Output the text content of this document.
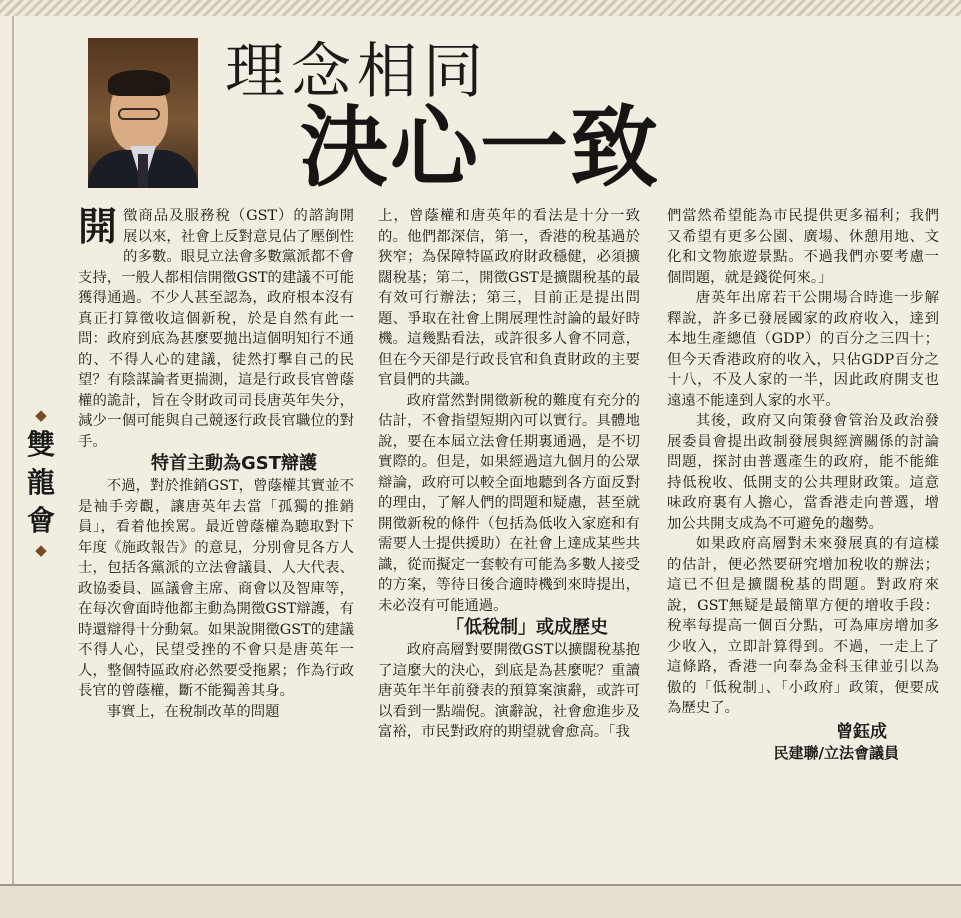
◆
雙龍會
◆
理念相同
決心一致

開徵商品及服務稅（GST）的諮詢開展以來，社會上反對意見佔了壓倒性的多數。眼見立法會多數黨派都不會支持，一般人都相信開徵GST的建議不可能獲得通過。不少人甚至認為，政府根本沒有真正打算徵收這個新稅，於是自然有此一問：政府到底為甚麼要拋出這個明知行不通的、不得人心的建議，徒然打擊自己的民望？有陰謀論者更揣測，這是行政長官曾蔭權的詭計，旨在令財政司司長唐英年失分，減少一個可能與自己競逐行政長官職位的對手。

特首主動為GST辯護

不過，對於推銷GST，曾蔭權其實並不是袖手旁觀，讓唐英年去當「孤獨的推銷員」，看着他挨罵。最近曾蔭權為聽取對下年度《施政報告》的意見，分別會見各方人士，包括各黨派的立法會議員、人大代表、政協委員、區議會主席、商會以及智庫等，在每次會面時他都主動為開徵GST辯護，有時還辯得十分動氣。如果說開徵GST的建議不得人心，民望受挫的不會只是唐英年一人，整個特區政府必然要受拖累；作為行政長官的曾蔭權，斷不能獨善其身。

事實上，在稅制改革的問題

上，曾蔭權和唐英年的看法是十分一致的。他們都深信，第一，香港的稅基過於狹窄；為保障特區政府財政穩健，必須擴闊稅基；第二，開徵GST是擴闊稅基的最有效可行辦法；第三，目前正是提出問題、爭取在社會上開展理性討論的最好時機。這幾點看法，或許很多人會不同意，但在今天卻是行政長官和負責財政的主要官員們的共識。

政府當然對開徵新稅的難度有充分的估計，不會指望短期內可以實行。具體地說，要在本屆立法會任期裏通過，是不切實際的。但是，如果經過這九個月的公眾辯論，政府可以較全面地聽到各方面反對的理由，了解人們的問題和疑慮，甚至就開徵新稅的條件（包括為低收入家庭和有需要人士提供援助）在社會上達成某些共識，從而擬定一套較有可能為多數人接受的方案，等待日後合適時機到來時提出，未必沒有可能通過。

「低稅制」或成歷史

政府高層對要開徵GST以擴闊稅基抱了這麼大的決心，到底是為甚麼呢？重讀唐英年半年前發表的預算案演辭，或許可以看到一點端倪。演辭說，社會愈進步及富裕，市民對政府的期望就會愈高。「我

們當然希望能為市民提供更多福利；我們又希望有更多公園、廣場、休憩用地、文化和文物旅遊景點。不過我們亦要考慮一個問題，就是錢從何來。」

唐英年出席若干公開場合時進一步解釋說，許多已發展國家的政府收入，達到本地生產總值（GDP）的百分之三四十；但今天香港政府的收入，只佔GDP百分之十八，不及人家的一半，因此政府開支也遠遠不能達到人家的水平。

其後，政府又向策發會管治及政治發展委員會提出政制發展與經濟關係的討論問題，探討由普選產生的政府，能不能維持低稅收、低開支的公共理財政策。這意味政府裏有人擔心，當香港走向普選，增加公共開支成為不可避免的趨勢。

如果政府高層對未來發展真的有這樣的估計，便必然要研究增加稅收的辦法；這已不但是擴闊稅基的問題。對政府來說，GST無疑是最簡單方便的增收手段：稅率每提高一個百分點，可為庫房增加多少收入，立即計算得到。不過，一走上了這條路，香港一向奉為金科玉律並引以為傲的「低稅制」、「小政府」政策，便要成為歷史了。

曾鈺成
民建聯/立法會議員
